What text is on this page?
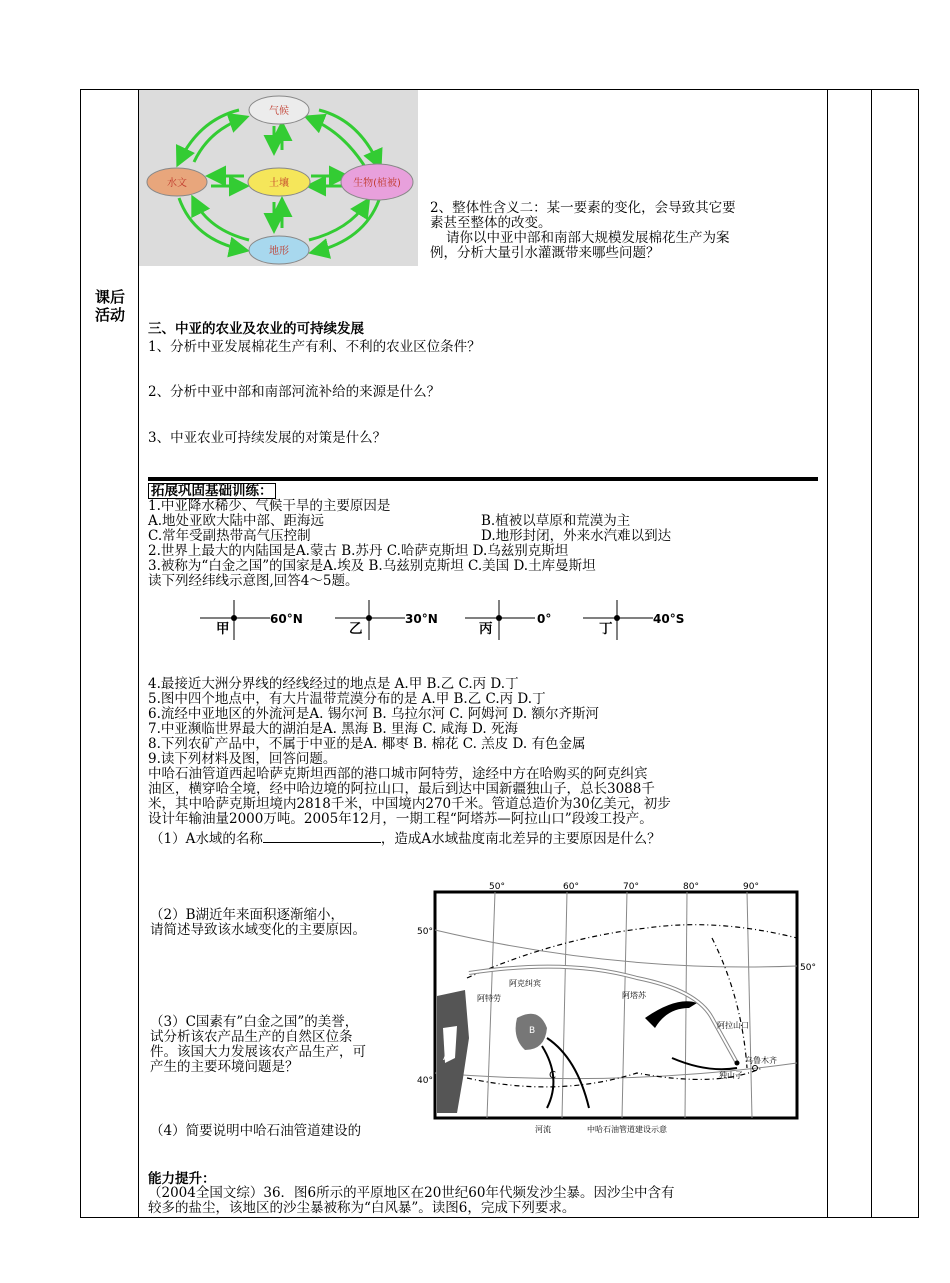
课后
活动
气候
水文	土壤	生物(植被)
地形
2、整体性含义二：某一要素的变化，会导致其它要
素甚至整体的改变。
请你以中亚中部和南部大规模发展棉花生产为案
例，分析大量引水灌溉带来哪些问题？
三、中亚的农业及农业的可持续发展
1、分析中亚发展棉花生产有利、不利的农业区位条件？
2、分析中亚中部和南部河流补给的来源是什么？
3、中亚农业可持续发展的对策是什么？
拓展巩固基础训练：
1.中亚降水稀少、气候干旱的主要原因是
A.地处亚欧大陆中部、距海远	B.植被以草原和荒漠为主
C.常年受副热带高气压控制	D.地形封闭，外来水汽难以到达
2.世界上最大的内陆国是A.蒙古 B.苏丹 C.哈萨克斯坦 D.乌兹别克斯坦
3.被称为“白金之国”的国家是A.埃及 B.乌兹别克斯坦 C.美国 D.土库曼斯坦
读下列经纬线示意图,回答4～5题。
甲
60°N
乙
30°N
丙
0°
丁
40°S
4.最接近大洲分界线的经线经过的地点是 A.甲 B.乙 C.丙 D.丁
5.图中四个地点中，有大片温带荒漠分布的是 A.甲 B.乙 C.丙 D.丁
6.流经中亚地区的外流河是A. 锡尔河 B. 乌拉尔河 C. 阿姆河 D. 额尔齐斯河
7.中亚濒临世界最大的湖泊是A. 黑海 B. 里海 C. 咸海 D. 死海
8.下列农矿产品中，不属于中亚的是A. 椰枣 B. 棉花 C. 羔皮 D. 有色金属
9.读下列材料及图，回答问题。
中哈石油管道西起哈萨克斯坦西部的港口城市阿特劳，途经中方在哈购买的阿克纠宾
油区，横穿哈全境，经中哈边境的阿拉山口，最后到达中国新疆独山子，总长3088千
米，其中哈萨克斯坦境内2818千米，中国境内270千米。管道总造价为30亿美元，初步
设计年输油量2000万吨。2005年12月，一期工程“阿塔苏—阿拉山口”段竣工投产。
（1）A水域的名称	，造成A水域盐度南北差异的主要原因是什么？
（2）B湖近年来面积逐渐缩小，
请简述导致该水域变化的主要原因。
（3）C国素有”白金之国”的美誉，
试分析该农产品生产的自然区位条
件。该国大力发展该农产品生产，可
产生的主要环境问题是？
（4）简要说明中哈石油管道建设的
50°	60°	70°	80°	90°
50°
40°
50°
阿克纠宾
阿特劳	阿塔苏
阿拉山口
乌鲁木齐
独山子
A
B
C
河流	中哈石油管道建设示意
能力提升：
（2004全国文综）36．图6所示的平原地区在20世纪60年代频发沙尘暴。因沙尘中含有
较多的盐尘，该地区的沙尘暴被称为“白风暴”。读图6，完成下列要求。
